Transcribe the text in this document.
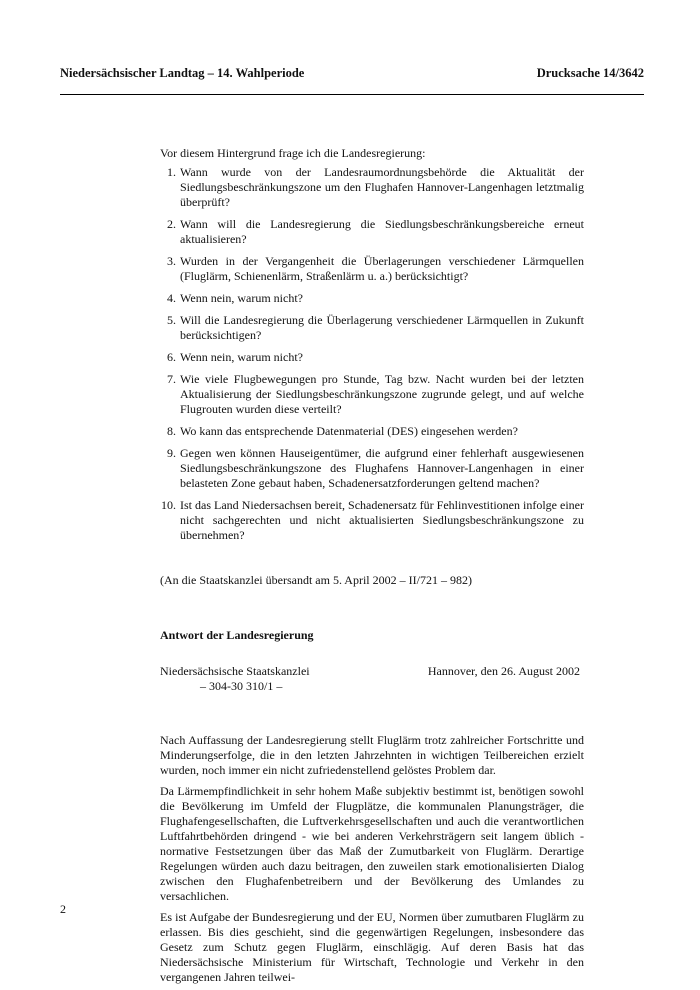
Niedersächsischer Landtag – 14. Wahlperiode	Drucksache 14/3642

Vor diesem Hintergrund frage ich die Landesregierung:

1. Wann wurde von der Landesraumordnungsbehörde die Aktualität der Siedlungsbeschränkungszone um den Flughafen Hannover-Langenhagen letztmalig überprüft?
2. Wann will die Landesregierung die Siedlungsbeschränkungsbereiche erneut aktualisieren?
3. Wurden in der Vergangenheit die Überlagerungen verschiedener Lärmquellen (Fluglärm, Schienenlärm, Straßenlärm u. a.) berücksichtigt?
4. Wenn nein, warum nicht?
5. Will die Landesregierung die Überlagerung verschiedener Lärmquellen in Zukunft berücksichtigen?
6. Wenn nein, warum nicht?
7. Wie viele Flugbewegungen pro Stunde, Tag bzw. Nacht wurden bei der letzten Aktualisierung der Siedlungsbeschränkungszone zugrunde gelegt, und auf welche Flugrouten wurden diese verteilt?
8. Wo kann das entsprechende Datenmaterial (DES) eingesehen werden?
9. Gegen wen können Hauseigentümer, die aufgrund einer fehlerhaft ausgewiesenen Siedlungsbeschränkungszone des Flughafens Hannover-Langenhagen in einer belasteten Zone gebaut haben, Schadenersatzforderungen geltend machen?
10. Ist das Land Niedersachsen bereit, Schadenersatz für Fehlinvestitionen infolge einer nicht sachgerechten und nicht aktualisierten Siedlungsbeschränkungszone zu übernehmen?

(An die Staatskanzlei übersandt am 5. April 2002 – II/721 – 982)

Antwort der Landesregierung

Niedersächsische Staatskanzlei
– 304-30 310/1 –
Hannover, den 26. August 2002

Nach Auffassung der Landesregierung stellt Fluglärm trotz zahlreicher Fortschritte und Minderungserfolge, die in den letzten Jahrzehnten in wichtigen Teilbereichen erzielt wurden, noch immer ein nicht zufriedenstellend gelöstes Problem dar.

Da Lärmempfindlichkeit in sehr hohem Maße subjektiv bestimmt ist, benötigen sowohl die Bevölkerung im Umfeld der Flugplätze, die kommunalen Planungsträger, die Flughafengesellschaften, die Luftverkehrsgesellschaften und auch die verantwortlichen Luftfahrtbehörden dringend - wie bei anderen Verkehrsträgern seit langem üblich - normative Festsetzungen über das Maß der Zumutbarkeit von Fluglärm. Derartige Regelungen würden auch dazu beitragen, den zuweilen stark emotionalisierten Dialog zwischen den Flughafenbetreibern und der Bevölkerung des Umlandes zu versachlichen.

Es ist Aufgabe der Bundesregierung und der EU, Normen über zumutbaren Fluglärm zu erlassen. Bis dies geschieht, sind die gegenwärtigen Regelungen, insbesondere das Gesetz zum Schutz gegen Fluglärm, einschlägig. Auf deren Basis hat das Niedersächsische Ministerium für Wirtschaft, Technologie und Verkehr in den vergangenen Jahren teilwei-

2
